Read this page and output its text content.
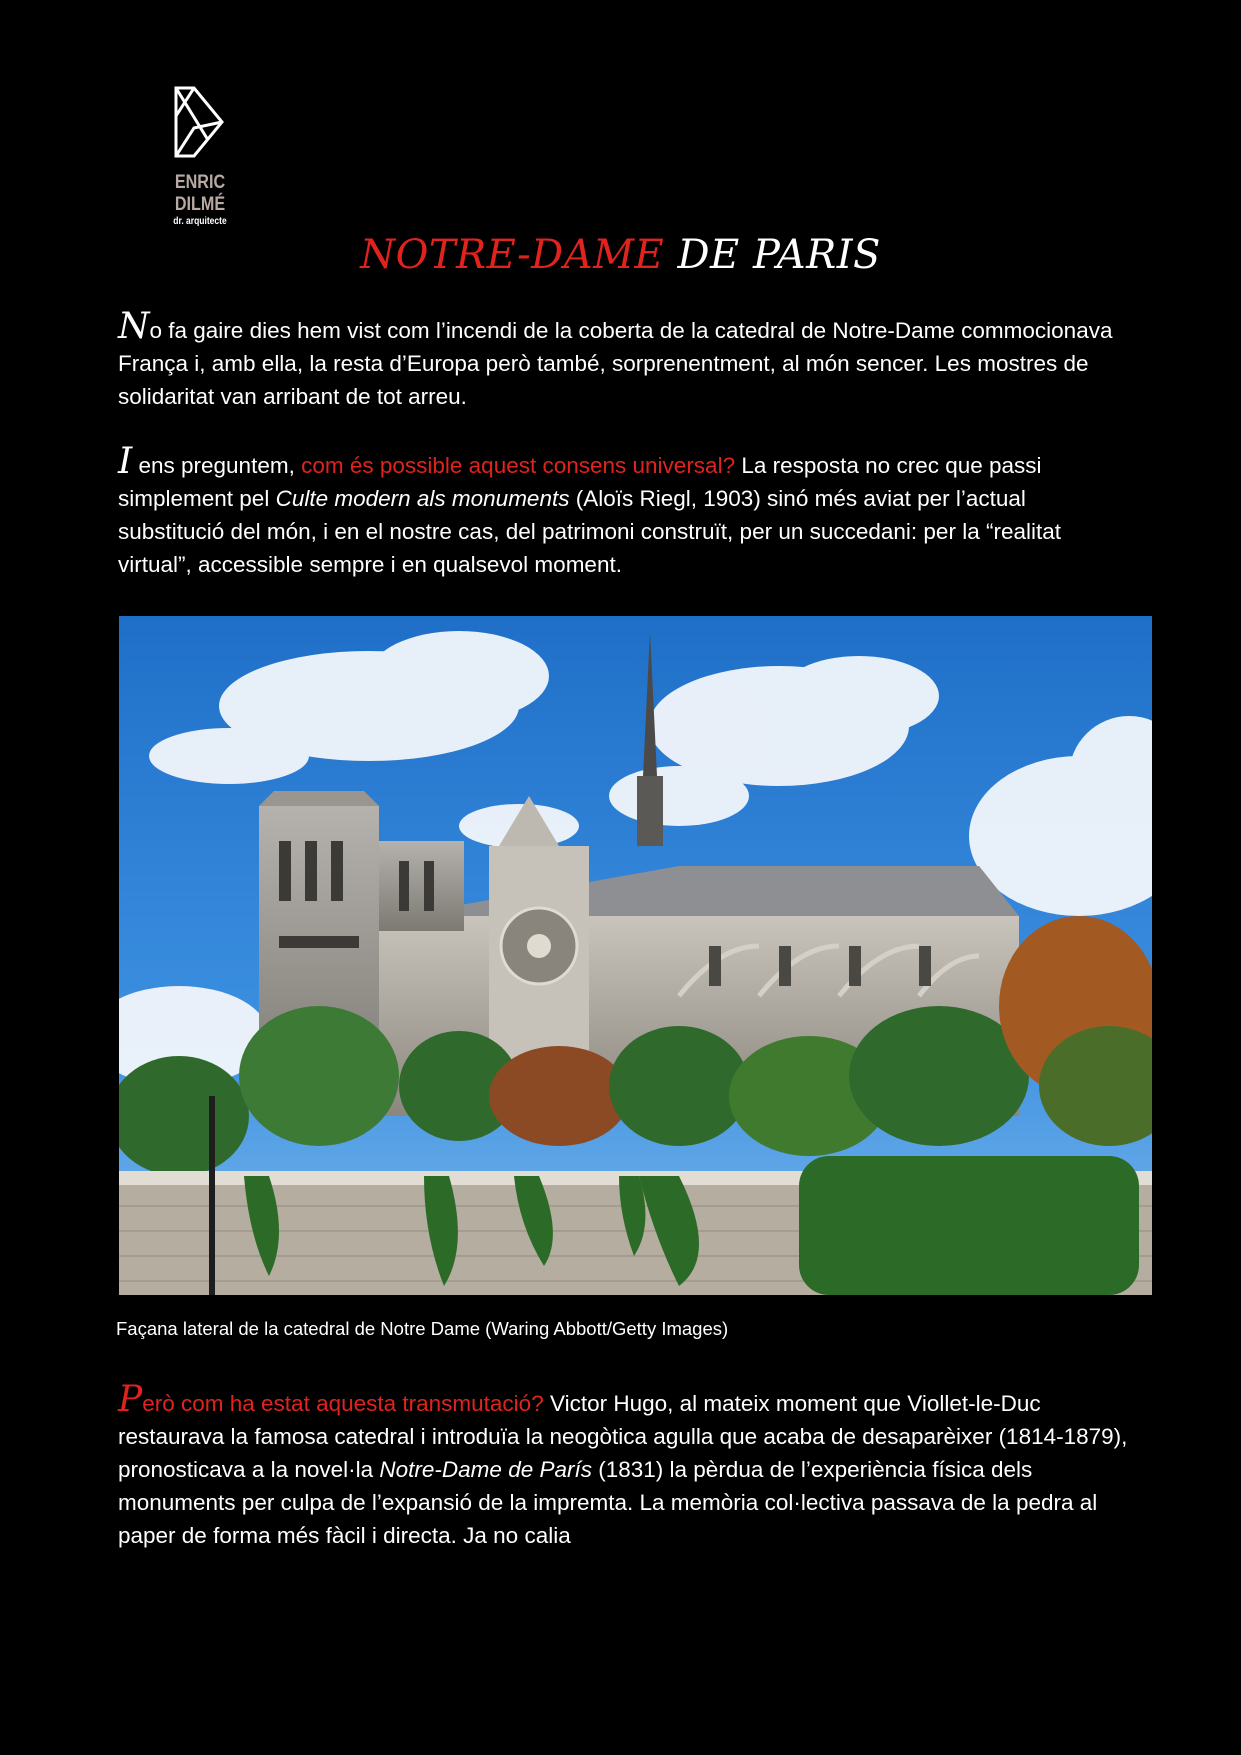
ENRIC DILMÉ
dr. arquitecte
NOTRE-DAME DE PARIS
No fa gaire dies hem vist com l’incendi de la coberta de la catedral de Notre-Dame commocionava França i, amb ella, la resta d’Europa però també, sorprenentment, al món sencer. Les mostres de solidaritat van arribant de tot arreu.
I ens preguntem, com és possible aquest consens universal? La resposta no crec que passi simplement pel Culte modern als monuments (Aloïs Riegl, 1903) sinó més aviat per l’actual substitució del món, i en el nostre cas, del patrimoni construït, per un succedani: per la “realitat virtual”, accessible sempre i en qualsevol moment.
Façana lateral de la catedral de Notre Dame (Waring Abbott/Getty Images)
Però com ha estat aquesta transmutació? Victor Hugo, al mateix moment que Viollet-le-Duc restaurava la famosa catedral i introduïa la neogòtica agulla que acaba de desaparèixer (1814-1879), pronosticava a la novel·la Notre-Dame de París (1831) la pèrdua de l’experiència física dels monuments per culpa de l’expansió de la impremta. La memòria col·lectiva passava de la pedra al paper de forma més fàcil i directa. Ja no calia
